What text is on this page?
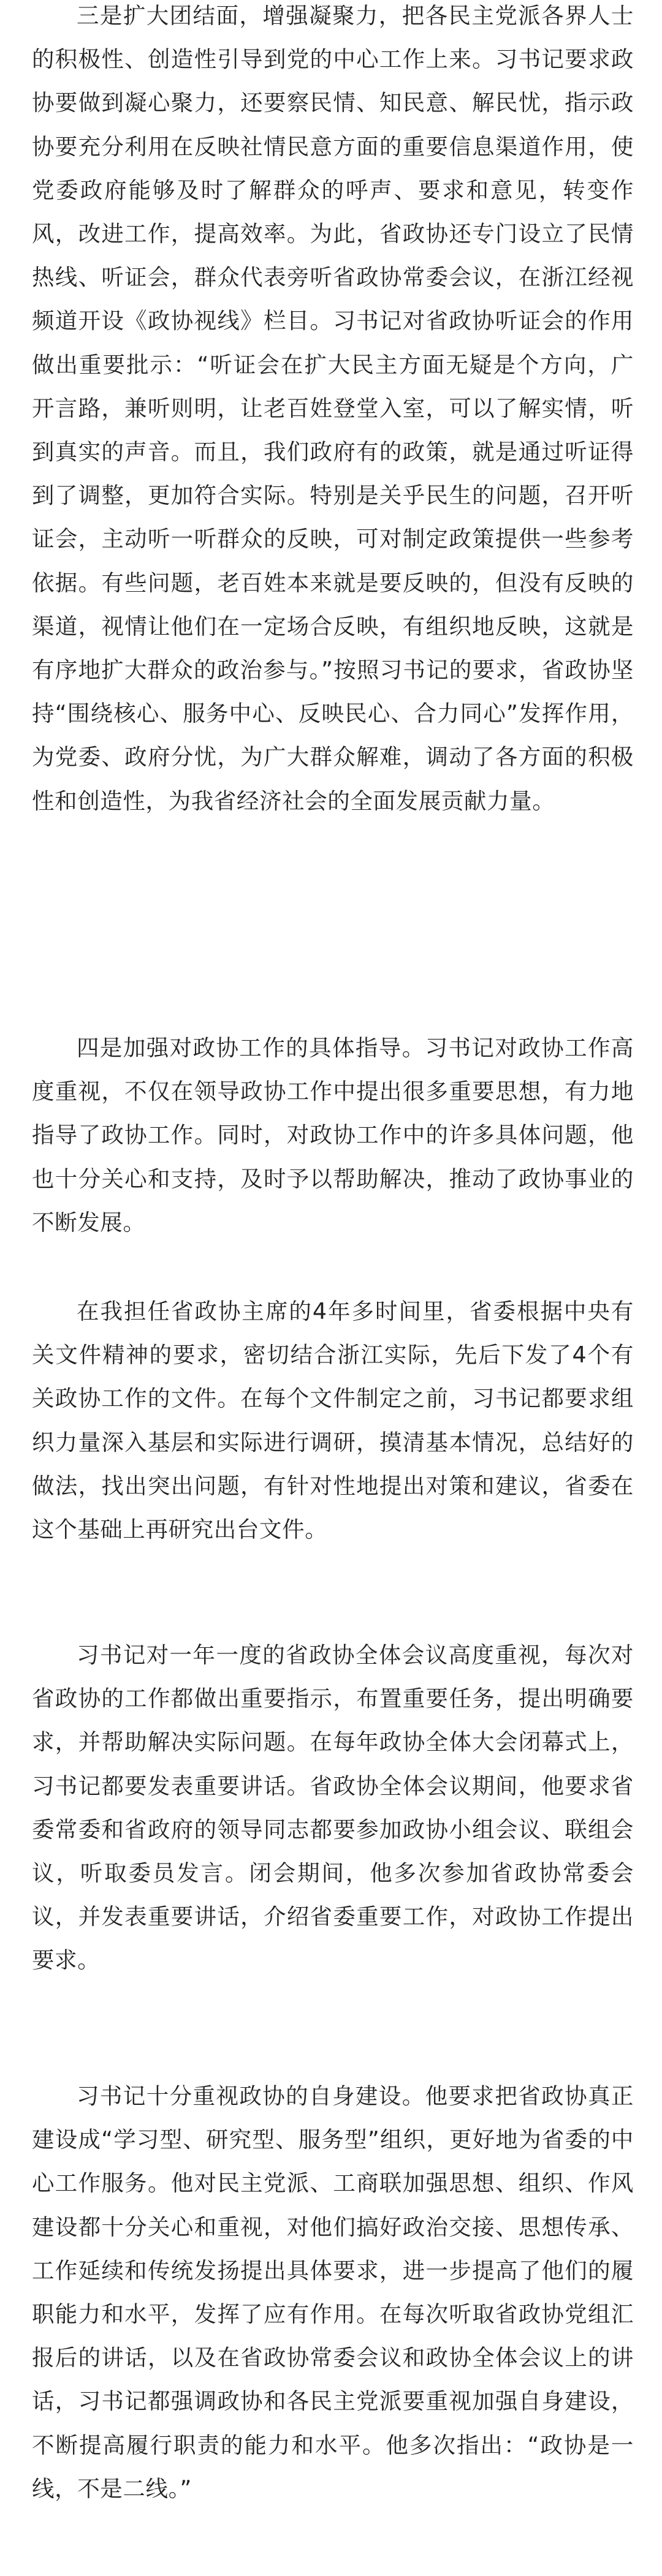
三是扩大团结面，增强凝聚力，把各民主党派各界人士的积极性、创造性引导到党的中心工作上来。习书记要求政协要做到凝心聚力，还要察民情、知民意、解民忧，指示政协要充分利用在反映社情民意方面的重要信息渠道作用，使党委政府能够及时了解群众的呼声、要求和意见，转变作风，改进工作，提高效率。为此，省政协还专门设立了民情热线、听证会，群众代表旁听省政协常委会议，在浙江经视频道开设《政协视线》栏目。习书记对省政协听证会的作用做出重要批示：“听证会在扩大民主方面无疑是个方向，广开言路，兼听则明，让老百姓登堂入室，可以了解实情，听到真实的声音。而且，我们政府有的政策，就是通过听证得到了调整，更加符合实际。特别是关乎民生的问题，召开听证会，主动听一听群众的反映，可对制定政策提供一些参考依据。有些问题，老百姓本来就是要反映的，但没有反映的渠道，视情让他们在一定场合反映，有组织地反映，这就是有序地扩大群众的政治参与。”按照习书记的要求，省政协坚持“围绕核心、服务中心、反映民心、合力同心”发挥作用，为党委、政府分忧，为广大群众解难，调动了各方面的积极性和创造性，为我省经济社会的全面发展贡献力量。

四是加强对政协工作的具体指导。习书记对政协工作高度重视，不仅在领导政协工作中提出很多重要思想，有力地指导了政协工作。同时，对政协工作中的许多具体问题，他也十分关心和支持，及时予以帮助解决，推动了政协事业的不断发展。

在我担任省政协主席的4年多时间里，省委根据中央有关文件精神的要求，密切结合浙江实际，先后下发了4个有关政协工作的文件。在每个文件制定之前，习书记都要求组织力量深入基层和实际进行调研，摸清基本情况，总结好的做法，找出突出问题，有针对性地提出对策和建议，省委在这个基础上再研究出台文件。

习书记对一年一度的省政协全体会议高度重视，每次对省政协的工作都做出重要指示，布置重要任务，提出明确要求，并帮助解决实际问题。在每年政协全体大会闭幕式上，习书记都要发表重要讲话。省政协全体会议期间，他要求省委常委和省政府的领导同志都要参加政协小组会议、联组会议，听取委员发言。闭会期间，他多次参加省政协常委会议，并发表重要讲话，介绍省委重要工作，对政协工作提出要求。

习书记十分重视政协的自身建设。他要求把省政协真正建设成“学习型、研究型、服务型”组织，更好地为省委的中心工作服务。他对民主党派、工商联加强思想、组织、作风建设都十分关心和重视，对他们搞好政治交接、思想传承、工作延续和传统发扬提出具体要求，进一步提高了他们的履职能力和水平，发挥了应有作用。在每次听取省政协党组汇报后的讲话，以及在省政协常委会议和政协全体会议上的讲话，习书记都强调政协和各民主党派要重视加强自身建设，不断提高履行职责的能力和水平。他多次指出：“政协是一线，不是二线。”
